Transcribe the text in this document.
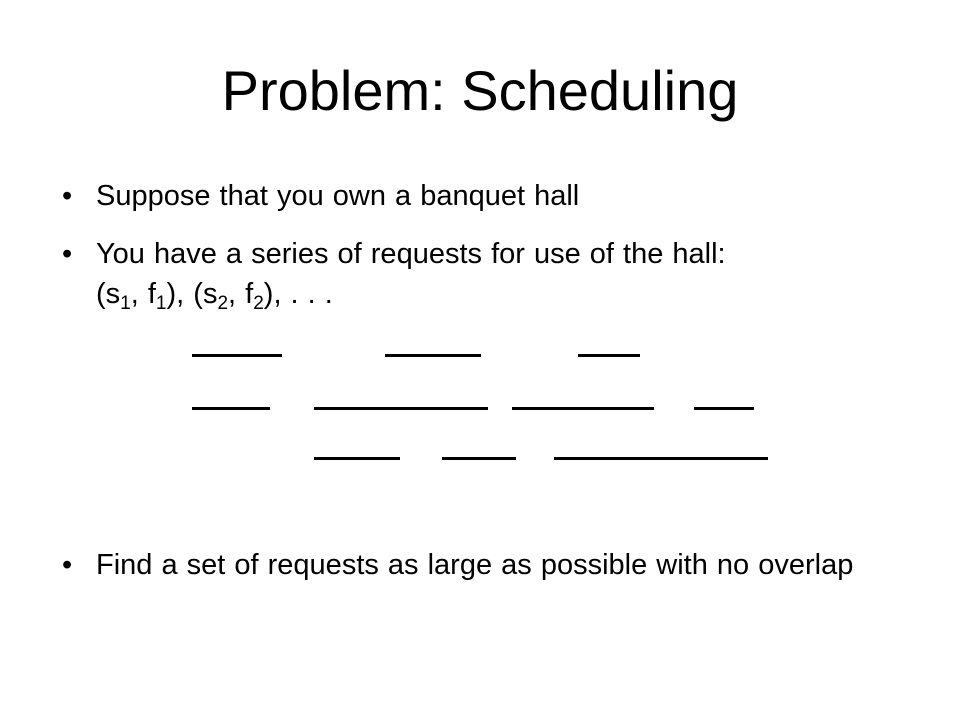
Problem: Scheduling
• Suppose that you own a banquet hall
• You have a series of requests for use of the hall:
($s_1$, $f_1$), ($s_2$, $f_2$), . . .
• Find a set of requests as large as possible with no overlap
